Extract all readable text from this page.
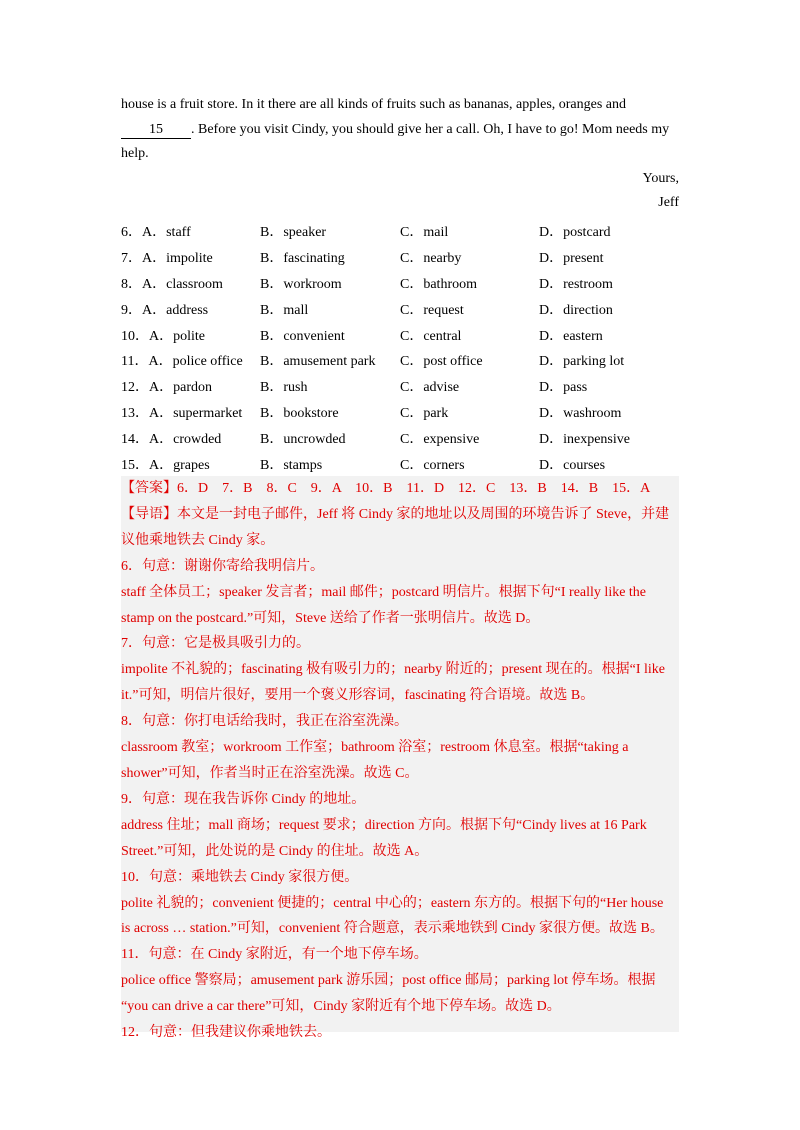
house is a fruit store. In it there are all kinds of fruits such as bananas, apples, oranges and
15 . Before you visit Cindy, you should give her a call. Oh, I have to go! Mom needs my
help.
Yours,
Jeff
6．A．staff	B．speaker	C．mail	D．postcard
7．A．impolite	B．fascinating	C．nearby	D．present
8．A．classroom	B．workroom	C．bathroom	D．restroom
9．A．address	B．mall	C．request	D．direction
10．A．polite	B．convenient	C．central	D．eastern
11．A．police office	B．amusement park	C．post office	D．parking lot
12．A．pardon	B．rush	C．advise	D．pass
13．A．supermarket	B．bookstore	C．park	D．washroom
14．A．crowded	B．uncrowded	C．expensive	D．inexpensive
15．A．grapes	B．stamps	C．corners	D．courses
【答案】6．D　7．B　8．C　9．A　10．B　11．D　12．C　13．B　14．B　15．A
【导语】本文是一封电子邮件，Jeff 将 Cindy 家的地址以及周围的环境告诉了 Steve，并建
议他乘地铁去 Cindy 家。
6．句意：谢谢你寄给我明信片。
staff 全体员工；speaker 发言者；mail 邮件；postcard 明信片。根据下句“I really like the
stamp on the postcard.”可知，Steve 送给了作者一张明信片。故选 D。
7．句意：它是极具吸引力的。
impolite 不礼貌的；fascinating 极有吸引力的；nearby 附近的；present 现在的。根据“I like
it.”可知，明信片很好，要用一个褒义形容词，fascinating 符合语境。故选 B。
8．句意：你打电话给我时，我正在浴室洗澡。
classroom 教室；workroom 工作室；bathroom 浴室；restroom 休息室。根据“taking a
shower”可知，作者当时正在浴室洗澡。故选 C。
9．句意：现在我告诉你 Cindy 的地址。
address 住址；mall 商场；request 要求；direction 方向。根据下句“Cindy lives at 16 Park
Street.”可知，此处说的是 Cindy 的住址。故选 A。
10．句意：乘地铁去 Cindy 家很方便。
polite 礼貌的；convenient 便捷的；central 中心的；eastern 东方的。根据下句的“Her house
is across … station.”可知，convenient 符合题意，表示乘地铁到 Cindy 家很方便。故选 B。
11．句意：在 Cindy 家附近，有一个地下停车场。
police office 警察局；amusement park 游乐园；post office 邮局；parking lot 停车场。根据
“you can drive a car there”可知，Cindy 家附近有个地下停车场。故选 D。
12．句意：但我建议你乘地铁去。
